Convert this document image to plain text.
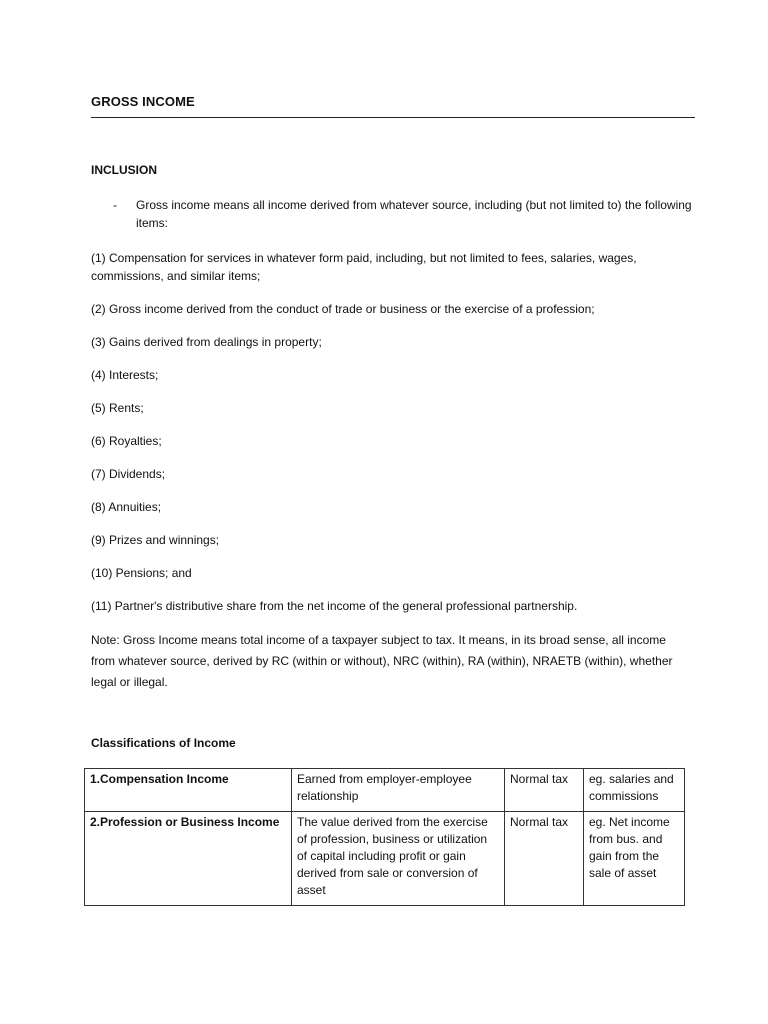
GROSS INCOME
INCLUSION
- Gross income means all income derived from whatever source, including (but not limited to) the following items:

(1) Compensation for services in whatever form paid, including, but not limited to fees, salaries, wages, commissions, and similar items;

(2) Gross income derived from the conduct of trade or business or the exercise of a profession;

(3) Gains derived from dealings in property;

(4) Interests;

(5) Rents;

(6) Royalties;

(7) Dividends;

(8) Annuities;

(9) Prizes and winnings;

(10) Pensions; and

(11) Partner's distributive share from the net income of the general professional partnership.

Note: Gross Income means total income of a taxpayer subject to tax. It means, in its broad sense, all income from whatever source, derived by RC (within or without), NRC (within), RA (within), NRAETB (within), whether legal or illegal.

Classifications of Income
1.Compensation Income	Earned from employer-employee relationship	Normal tax	eg. salaries and commissions
2.Profession or Business Income	The value derived from the exercise of profession, business or utilization of capital including profit or gain derived from sale or conversion of asset	Normal tax	eg. Net income from bus. and gain from the sale of asset
